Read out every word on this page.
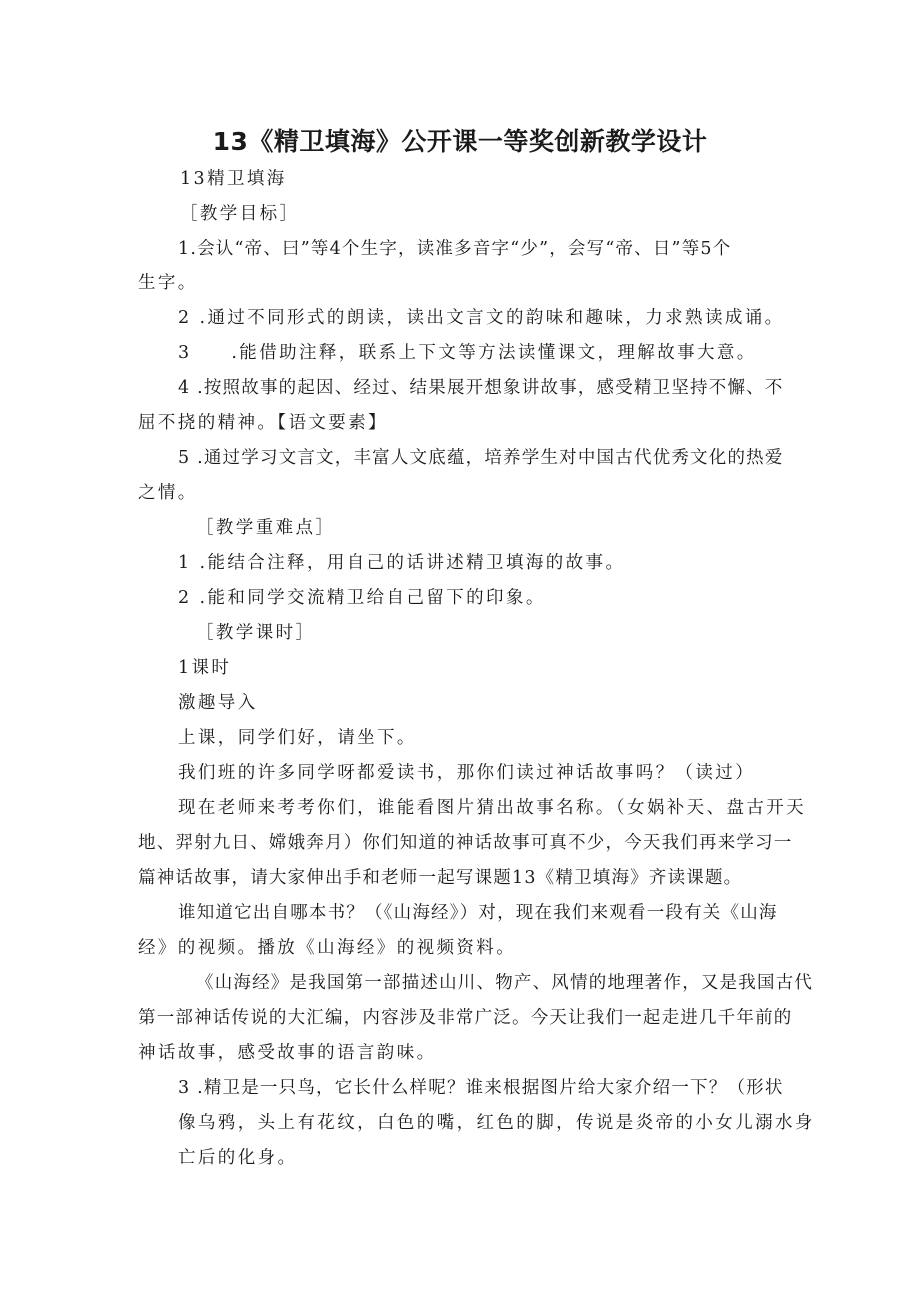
13《精卫填海》公开课一等奖创新教学设计
13精卫填海
［教学目标］
1.会认“帝、曰”等4个生字，读准多音字“少”，会写“帝、日”等5个
生字。
2 .通过不同形式的朗读，读出文言文的韵味和趣味，力求熟读成诵。
3　　.能借助注释，联系上下文等方法读懂课文，理解故事大意。
4 .按照故事的起因、经过、结果展开想象讲故事，感受精卫坚持不懈、不
屈不挠的精神。【语文要素】
5 .通过学习文言文，丰富人文底蕴，培养学生对中国古代优秀文化的热爱
之情。
［教学重难点］
1 .能结合注释，用自己的话讲述精卫填海的故事。
2 .能和同学交流精卫给自己留下的印象。
［教学课时］
1课时
激趣导入
上课，同学们好，请坐下。
我们班的许多同学呀都爱读书，那你们读过神话故事吗？（读过）
现在老师来考考你们，谁能看图片猜出故事名称。（女娲补天、盘古开天
地、羿射九日、嫦娥奔月）你们知道的神话故事可真不少，今天我们再来学习一
篇神话故事，请大家伸出手和老师一起写课题13《精卫填海》齐读课题。
谁知道它出自哪本书？（《山海经》）对，现在我们来观看一段有关《山海
经》的视频。播放《山海经》的视频资料。
《山海经》是我国第一部描述山川、物产、风情的地理著作，又是我国古代
第一部神话传说的大汇编，内容涉及非常广泛。今天让我们一起走进几千年前的
神话故事，感受故事的语言韵味。
3 .精卫是一只鸟，它长什么样呢？谁来根据图片给大家介绍一下？（形状
像乌鸦，头上有花纹，白色的嘴，红色的脚，传说是炎帝的小女儿溺水身
亡后的化身。
